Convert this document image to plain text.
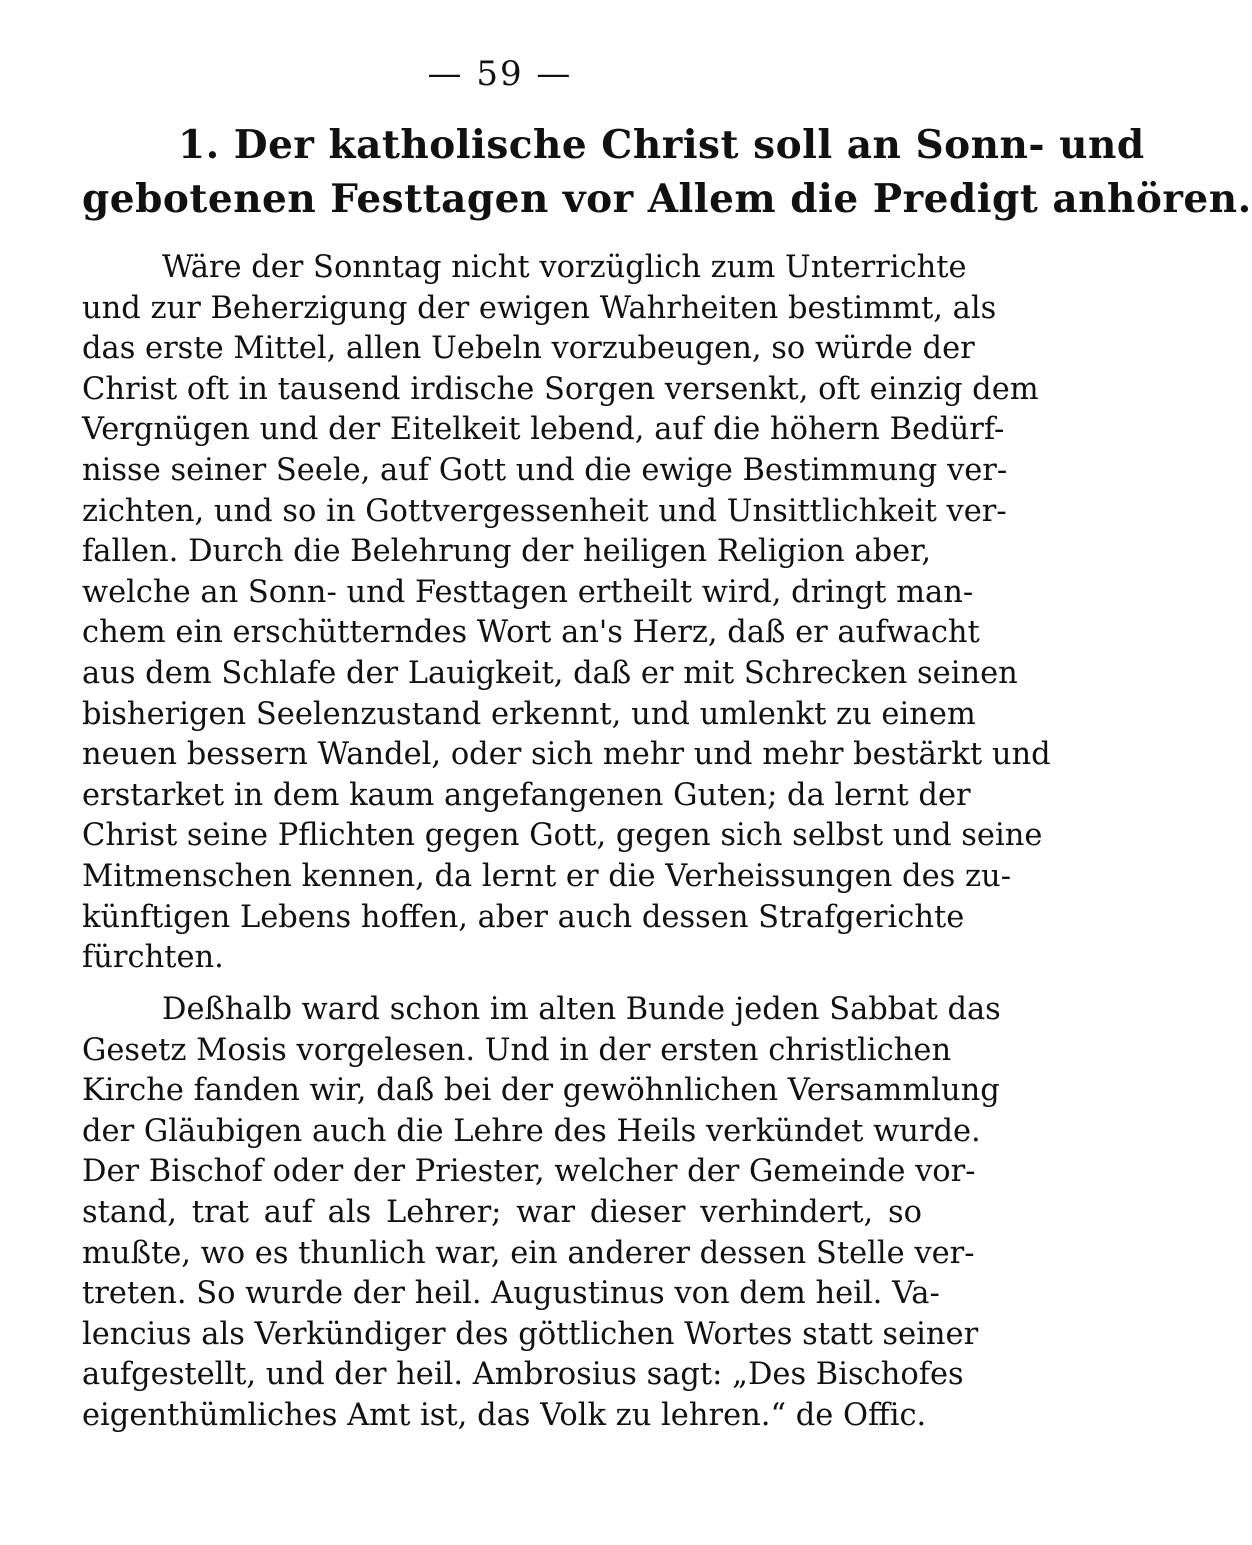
— 59 —
1. Der katholische Christ soll an Sonn- und
gebotenen Festtagen vor Allem die Predigt anhören.
Wäre der Sonntag nicht vorzüglich zum Unterrichte
und zur Beherzigung der ewigen Wahrheiten bestimmt, als
das erste Mittel, allen Uebeln vorzubeugen, so würde der
Christ oft in tausend irdische Sorgen versenkt, oft einzig dem
Vergnügen und der Eitelkeit lebend, auf die höhern Bedürf-
nisse seiner Seele, auf Gott und die ewige Bestimmung ver-
zichten, und so in Gottvergessenheit und Unsittlichkeit ver-
fallen. Durch die Belehrung der heiligen Religion aber,
welche an Sonn- und Festtagen ertheilt wird, dringt man-
chem ein erschütterndes Wort an's Herz, daß er aufwacht
aus dem Schlafe der Lauigkeit, daß er mit Schrecken seinen
bisherigen Seelenzustand erkennt, und umlenkt zu einem
neuen bessern Wandel, oder sich mehr und mehr bestärkt und
erstarket in dem kaum angefangenen Guten; da lernt der
Christ seine Pflichten gegen Gott, gegen sich selbst und seine
Mitmenschen kennen, da lernt er die Verheissungen des zu-
künftigen Lebens hoffen, aber auch dessen Strafgerichte
fürchten.
Deßhalb ward schon im alten Bunde jeden Sabbat das
Gesetz Mosis vorgelesen. Und in der ersten christlichen
Kirche fanden wir, daß bei der gewöhnlichen Versammlung
der Gläubigen auch die Lehre des Heils verkündet wurde.
Der Bischof oder der Priester, welcher der Gemeinde vor-
stand, trat auf als Lehrer; war dieser verhindert, so
mußte, wo es thunlich war, ein anderer dessen Stelle ver-
treten. So wurde der heil. Augustinus von dem heil. Va-
lencius als Verkündiger des göttlichen Wortes statt seiner
aufgestellt, und der heil. Ambrosius sagt: „Des Bischofes
eigenthümliches Amt ist, das Volk zu lehren.“ de Offic.
